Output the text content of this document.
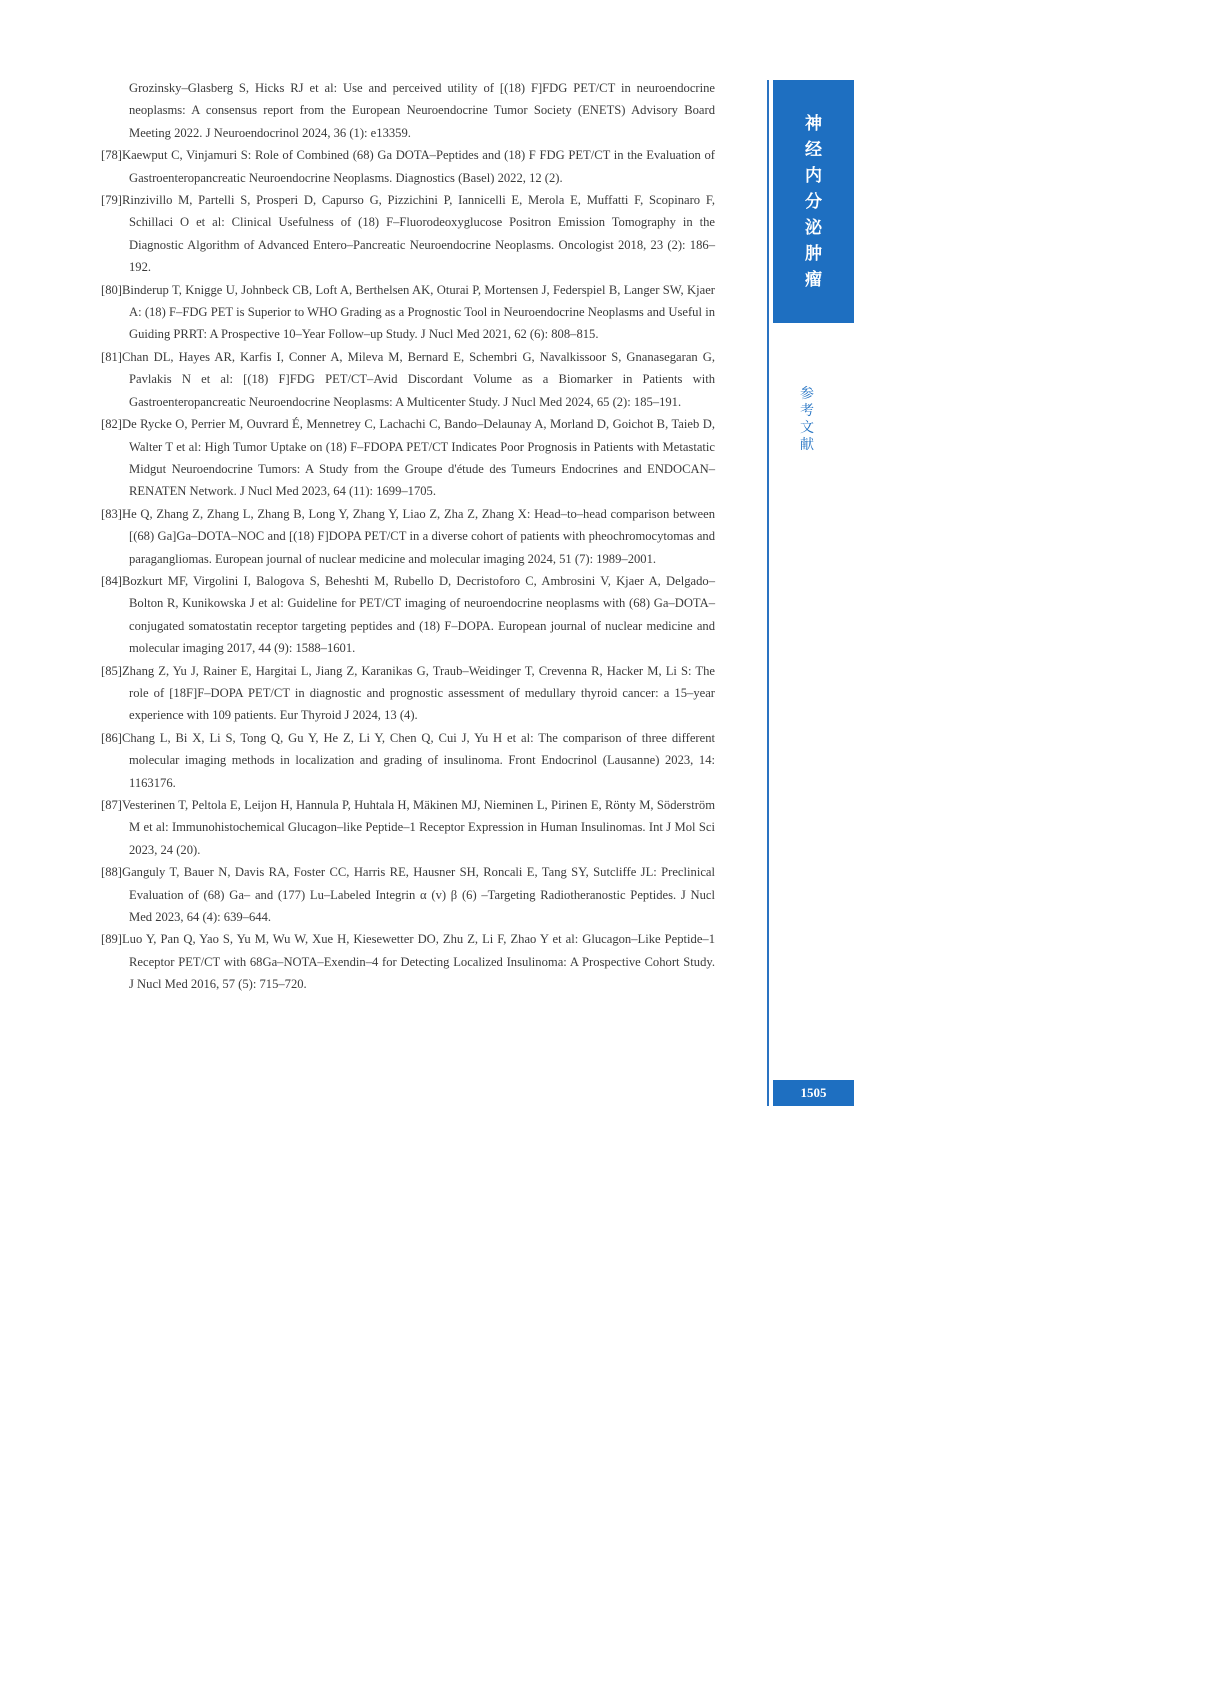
Grozinsky–Glasberg S, Hicks RJ et al: Use and perceived utility of [(18) F]FDG PET/CT in neuroendocrine neoplasms: A consensus report from the European Neuroendocrine Tumor Society (ENETS) Advisory Board Meeting 2022. J Neuroendocrinol 2024, 36 (1): e13359.

[78]Kaewput C, Vinjamuri S: Role of Combined (68) Ga DOTA–Peptides and (18) F FDG PET/CT in the Evaluation of Gastroenteropancreatic Neuroendocrine Neoplasms. Diagnostics (Basel) 2022, 12 (2).

[79]Rinzivillo M, Partelli S, Prosperi D, Capurso G, Pizzichini P, Iannicelli E, Merola E, Muffatti F, Scopinaro F, Schillaci O et al: Clinical Usefulness of (18) F–Fluorodeoxyglucose Positron Emission Tomography in the Diagnostic Algorithm of Advanced Entero–Pancreatic Neuroendocrine Neoplasms. Oncologist 2018, 23 (2): 186–192.

[80]Binderup T, Knigge U, Johnbeck CB, Loft A, Berthelsen AK, Oturai P, Mortensen J, Federspiel B, Langer SW, Kjaer A: (18) F–FDG PET is Superior to WHO Grading as a Prognostic Tool in Neuroendocrine Neoplasms and Useful in Guiding PRRT: A Prospective 10–Year Follow–up Study. J Nucl Med 2021, 62 (6): 808–815.

[81]Chan DL, Hayes AR, Karfis I, Conner A, Mileva M, Bernard E, Schembri G, Navalkissoor S, Gnanasegaran G, Pavlakis N et al: [(18) F]FDG PET/CT–Avid Discordant Volume as a Biomarker in Patients with Gastroenteropancreatic Neuroendocrine Neoplasms: A Multicenter Study. J Nucl Med 2024, 65 (2): 185–191.

[82]De Rycke O, Perrier M, Ouvrard É, Mennetrey C, Lachachi C, Bando–Delaunay A, Morland D, Goichot B, Taieb D, Walter T et al: High Tumor Uptake on (18) F–FDOPA PET/CT Indicates Poor Prognosis in Patients with Metastatic Midgut Neuroendocrine Tumors: A Study from the Groupe d'étude des Tumeurs Endocrines and ENDOCAN–RENATEN Network. J Nucl Med 2023, 64 (11): 1699–1705.

[83]He Q, Zhang Z, Zhang L, Zhang B, Long Y, Zhang Y, Liao Z, Zha Z, Zhang X: Head–to–head comparison between [(68) Ga]Ga–DOTA–NOC and [(18) F]DOPA PET/CT in a diverse cohort of patients with pheochromocytomas and paragangliomas. European journal of nuclear medicine and molecular imaging 2024, 51 (7): 1989–2001.

[84]Bozkurt MF, Virgolini I, Balogova S, Beheshti M, Rubello D, Decristoforo C, Ambrosini V, Kjaer A, Delgado–Bolton R, Kunikowska J et al: Guideline for PET/CT imaging of neuroendocrine neoplasms with (68) Ga–DOTA–conjugated somatostatin receptor targeting peptides and (18) F–DOPA. European journal of nuclear medicine and molecular imaging 2017, 44 (9): 1588–1601.

[85]Zhang Z, Yu J, Rainer E, Hargitai L, Jiang Z, Karanikas G, Traub–Weidinger T, Crevenna R, Hacker M, Li S: The role of [18F]F–DOPA PET/CT in diagnostic and prognostic assessment of medullary thyroid cancer: a 15–year experience with 109 patients. Eur Thyroid J 2024, 13 (4).

[86]Chang L, Bi X, Li S, Tong Q, Gu Y, He Z, Li Y, Chen Q, Cui J, Yu H et al: The comparison of three different molecular imaging methods in localization and grading of insulinoma. Front Endocrinol (Lausanne) 2023, 14: 1163176.

[87]Vesterinen T, Peltola E, Leijon H, Hannula P, Huhtala H, Mäkinen MJ, Nieminen L, Pirinen E, Rönty M, Söderström M et al: Immunohistochemical Glucagon–like Peptide–1 Receptor Expression in Human Insulinomas. Int J Mol Sci 2023, 24 (20).

[88]Ganguly T, Bauer N, Davis RA, Foster CC, Harris RE, Hausner SH, Roncali E, Tang SY, Sutcliffe JL: Preclinical Evaluation of (68) Ga– and (177) Lu–Labeled Integrin α (v) β (6) –Targeting Radiotheranostic Peptides. J Nucl Med 2023, 64 (4): 639–644.

[89]Luo Y, Pan Q, Yao S, Yu M, Wu W, Xue H, Kiesewetter DO, Zhu Z, Li F, Zhao Y et al: Glucagon–Like Peptide–1 Receptor PET/CT with 68Ga–NOTA–Exendin–4 for Detecting Localized Insulinoma: A Prospective Cohort Study. J Nucl Med 2016, 57 (5): 715–720.

神
经
内
分
泌
肿
瘤
参
考
文
献
1505
